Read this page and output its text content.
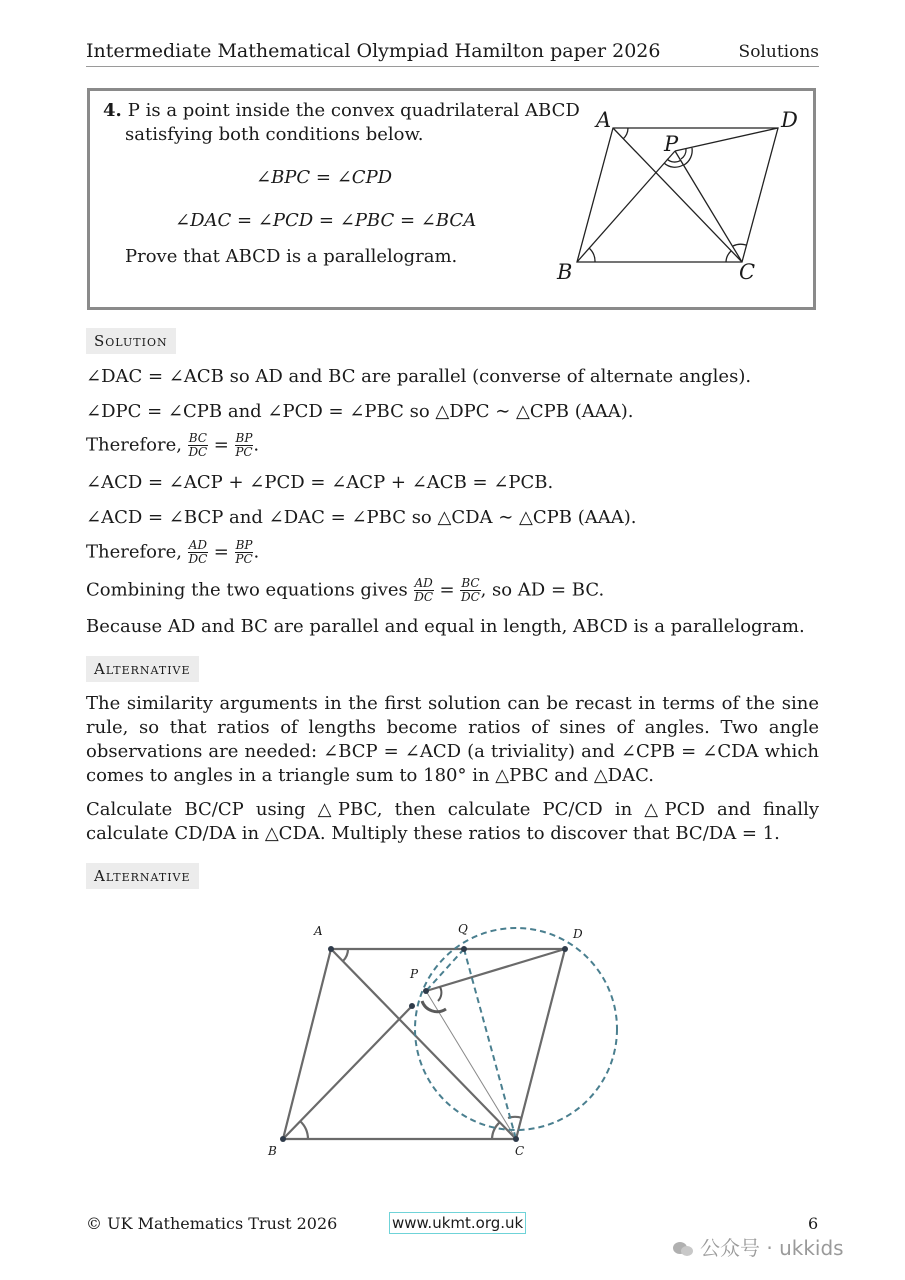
Intermediate Mathematical Olympiad Hamilton paper 2026	Solutions
4. P is a point inside the convex quadrilateral ABCD
satisfying both conditions below.
∠BPC = ∠CPD
∠DAC = ∠PCD = ∠PBC = ∠BCA
Prove that ABCD is a parallelogram.
A	D
P
B	C
Solution
∠DAC = ∠ACB so AD and BC are parallel (converse of alternate angles).
∠DPC = ∠CPB and ∠PCD = ∠PBC so △DPC ∼ △CPB (AAA).
Therefore, $\frac{BC}{DC} = \frac{BP}{PC}$ .
∠ACD = ∠ACP + ∠PCD = ∠ACP + ∠ACB = ∠PCB.
∠ACD = ∠BCP and ∠DAC = ∠PBC so △CDA ∼ △CPB (AAA).
Therefore, $\frac{AD}{DC} = \frac{BP}{PC}$ .
Combining the two equations gives $\frac{AD}{DC} = \frac{BC}{DC}$ , so AD = BC.
Because AD and BC are parallel and equal in length, ABCD is a parallelogram.
Alternative
The similarity arguments in the first solution can be recast in terms of the sine rule, so that ratios of lengths become ratios of sines of angles. Two angle observations are needed: ∠BCP = ∠ACD (a triviality) and ∠CPB = ∠CDA which comes to angles in a triangle sum to 180° in △PBC and △DAC.
Calculate BC/CP using △PBC, then calculate PC/CD in △PCD and finally calculate CD/DA in △CDA. Multiply these ratios to discover that BC/DA = 1.
Alternative
A	Q	D
P
B	C
© UK Mathematics Trust 2026	www.ukmt.org.uk	6
公众号 · ukkids
